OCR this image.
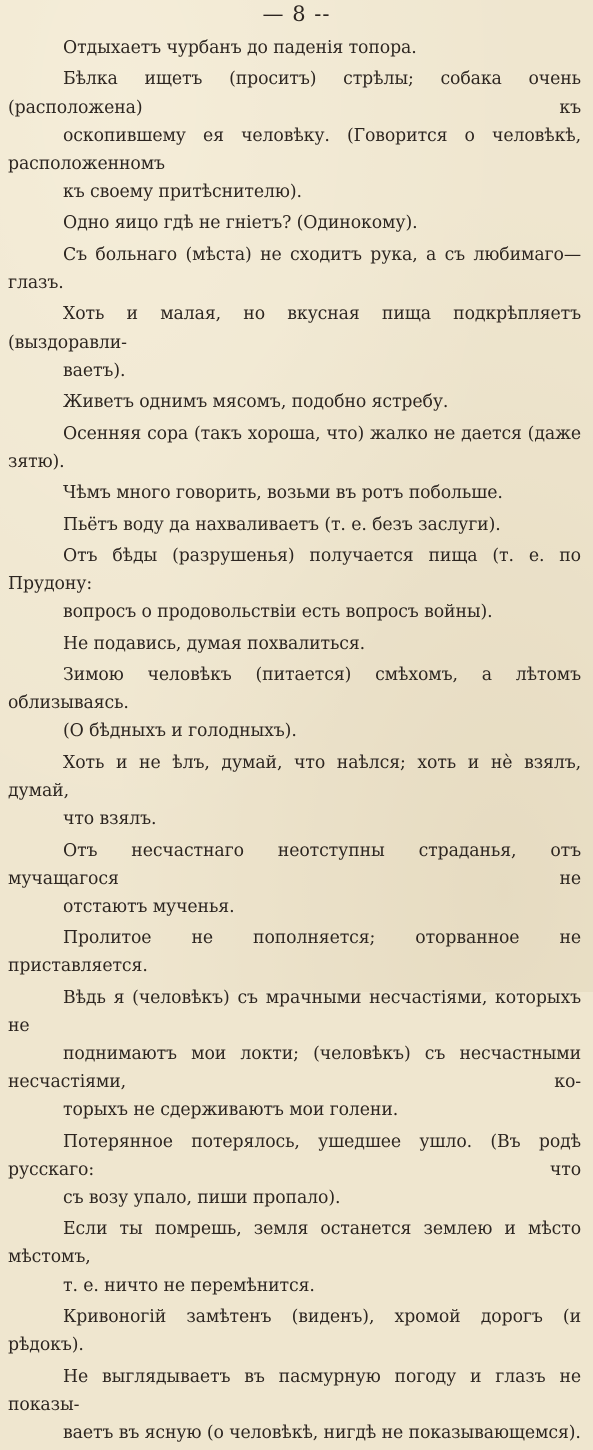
— 8 --
Отдыхаетъ чурбанъ до паденія топора.
Бѣлка ищетъ (проситъ) стрѣлы; собака очень (расположена) къ
оскопившему ея человѣку. (Говорится о человѣкѣ, расположенномъ
къ своему притѣснителю).
Одно яицо гдѣ не гніетъ? (Одинокому).
Съ больнаго (мѣста) не сходитъ рука, а съ любимаго—глазъ.
Хоть и малая, но вкусная пища подкрѣпляетъ (выздоравли-
ваетъ).
Живетъ однимъ мясомъ, подобно ястребу.
Осенняя сора (такъ хороша, что) жалко не дается (даже зятю).
Чѣмъ много говорить, возьми въ ротъ побольше.
Пьётъ воду да нахваливаетъ (т. е. безъ заслуги).
Отъ бѣды (разрушенья) получается пища (т. е. по Прудону:
вопросъ о продовольствіи есть вопросъ войны).
Не подавись, думая похвалиться.
Зимою человѣкъ (питается) смѣхомъ, а лѣтомъ облизываясь.
(О бѣдныхъ и голодныхъ).
Хоть и не ѣлъ, думай, что наѣлся; хоть и нѐ взялъ, думай,
что взялъ.
Отъ несчастнаго неотступны страданья, отъ мучащагося не
отстаютъ мученья.
Пролитое не пополняется; оторванное не приставляется.
Вѣдь я (человѣкъ) съ мрачными несчастіями, которыхъ не
поднимаютъ мои локти; (человѣкъ) съ несчастными несчастіями, ко-
торыхъ не сдерживаютъ мои голени.
Потерянное потерялось, ушедшее ушло. (Въ родѣ русскаго: что
съ возу упало, пиши пропало).
Если ты помрешь, земля останется землею и мѣсто мѣстомъ,
т. е. ничто не перемѣнится.
Кривоногій замѣтенъ (виденъ), хромой дорогъ (и рѣдокъ).
Не выглядываетъ въ пасмурную погоду и глазъ не показы-
ваетъ въ ясную (о человѣкѣ, нигдѣ не показывающемся).
